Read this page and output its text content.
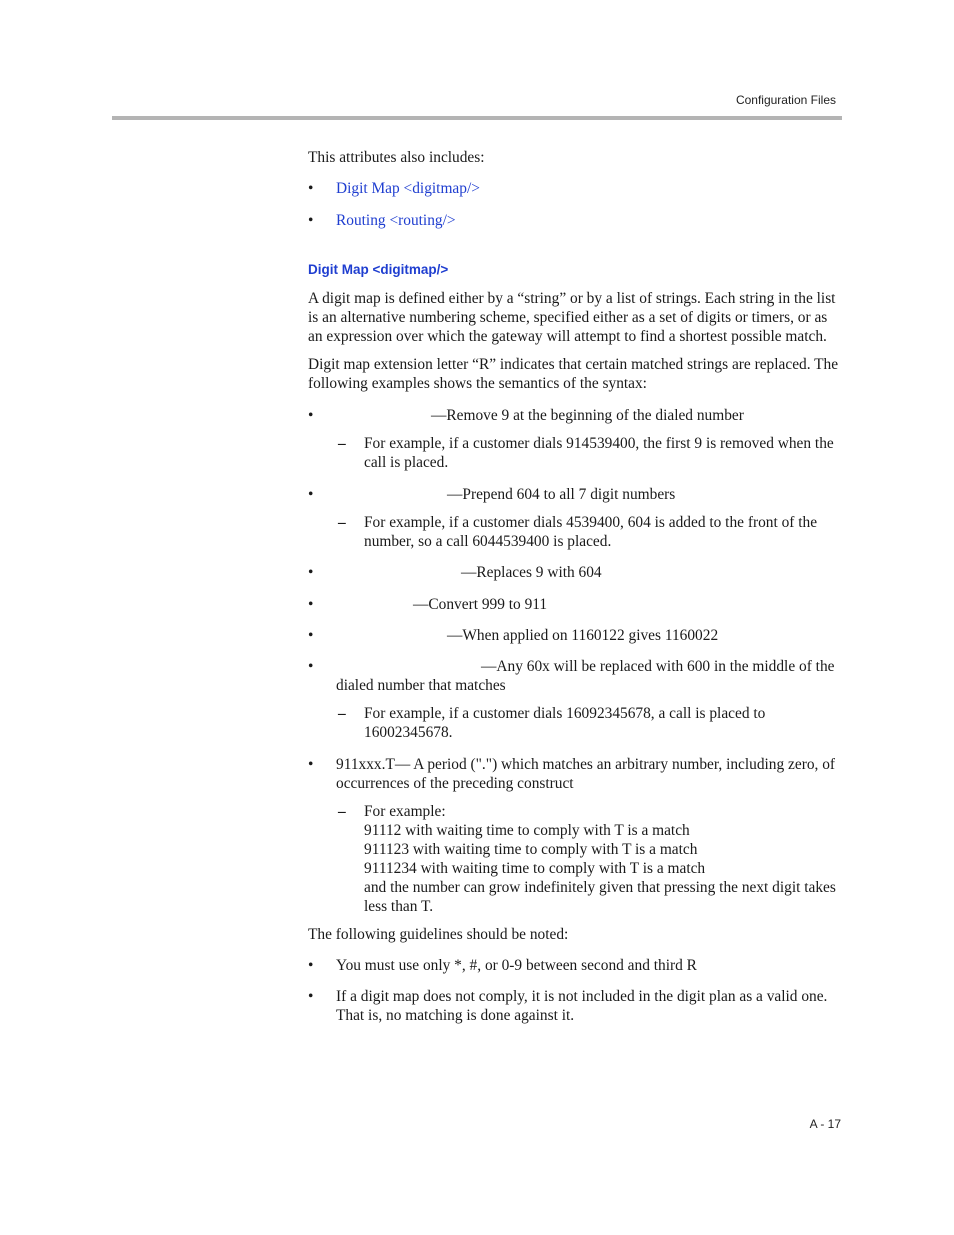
Configuration Files

This attributes also includes:

• Digit Map <digitmap/>
• Routing <routing/>
Digit Map <digitmap/>

A digit map is defined either by a “string” or by a list of strings. Each string in the list is an alternative numbering scheme, specified either as a set of digits or timers, or as an expression over which the gateway will attempt to find a shortest possible match.

Digit map extension letter “R” indicates that certain matched strings are replaced. The following examples shows the semantics of the syntax:

• —Remove 9 at the beginning of the dialed number
– For example, if a customer dials 914539400, the first 9 is removed when the call is placed.
• —Prepend 604 to all 7 digit numbers
– For example, if a customer dials 4539400, 604 is added to the front of the number, so a call 6044539400 is placed.
• —Replaces 9 with 604
• —Convert 999 to 911
• —When applied on 1160122 gives 1160022
• —Any 60x will be replaced with 600 in the middle of the dialed number that matches
– For example, if a customer dials 16092345678, a call is placed to 16002345678.
• 911xxx.T— A period (".") which matches an arbitrary number, including zero, of occurrences of the preceding construct
– For example:
91112 with waiting time to comply with T is a match
911123 with waiting time to comply with T is a match
9111234 with waiting time to comply with T is a match
and the number can grow indefinitely given that pressing the next digit takes less than T.

The following guidelines should be noted:

• You must use only *, #, or 0-9 between second and third R
• If a digit map does not comply, it is not included in the digit plan as a valid one. That is, no matching is done against it.
A - 17
